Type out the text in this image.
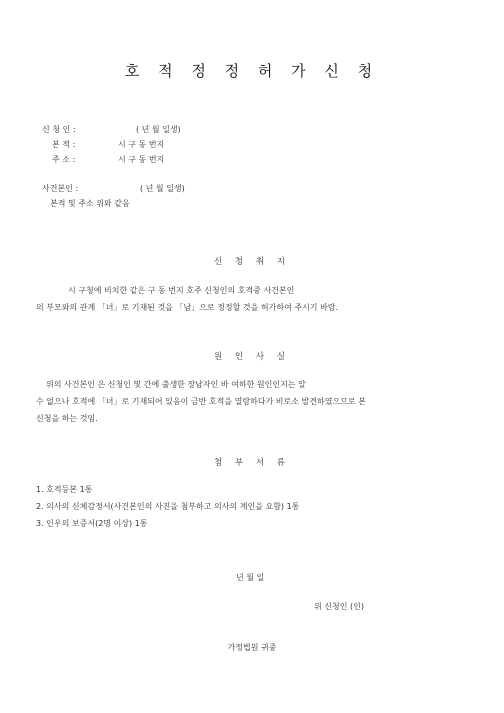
호 적 정 정 허 가 신 청
신 청 인 :	( 년 월 일생)
본 적 :	시 구 동 번지
주 소 :	시 구 동 번지
사건본인 :	( 년 월 일생)
본적 및 주소 위와 같음
신 청 취 지
시 구청에 비치한 같은 구 동 번지 호주 신청인의 호적중 사건본인
의 부모와의 관계 「녀」로 기재된 것을 「남」으로 정정할 것을 허가하여 주시기 바람.
원 인 사 실
위의 사건본인 은 신청인 및 간에 출생한 장남자인 바 여하한 원인인지는 알
수 없으나 호적에 「녀」로 기재되어 있음이 금반 호적을 열람하다가 비로소 발견하였으므로 본
신청을 하는 것임.
첨 부 서 류
1. 호적등본 1통
2. 의사의 신체감정서(사건본인의 사진을 첨부하고 의사의 계인을 요함) 1통
3. 인우의 보증서(2명 이상) 1통
년 월 일
위 신청인 (인)
가정법원 귀중
